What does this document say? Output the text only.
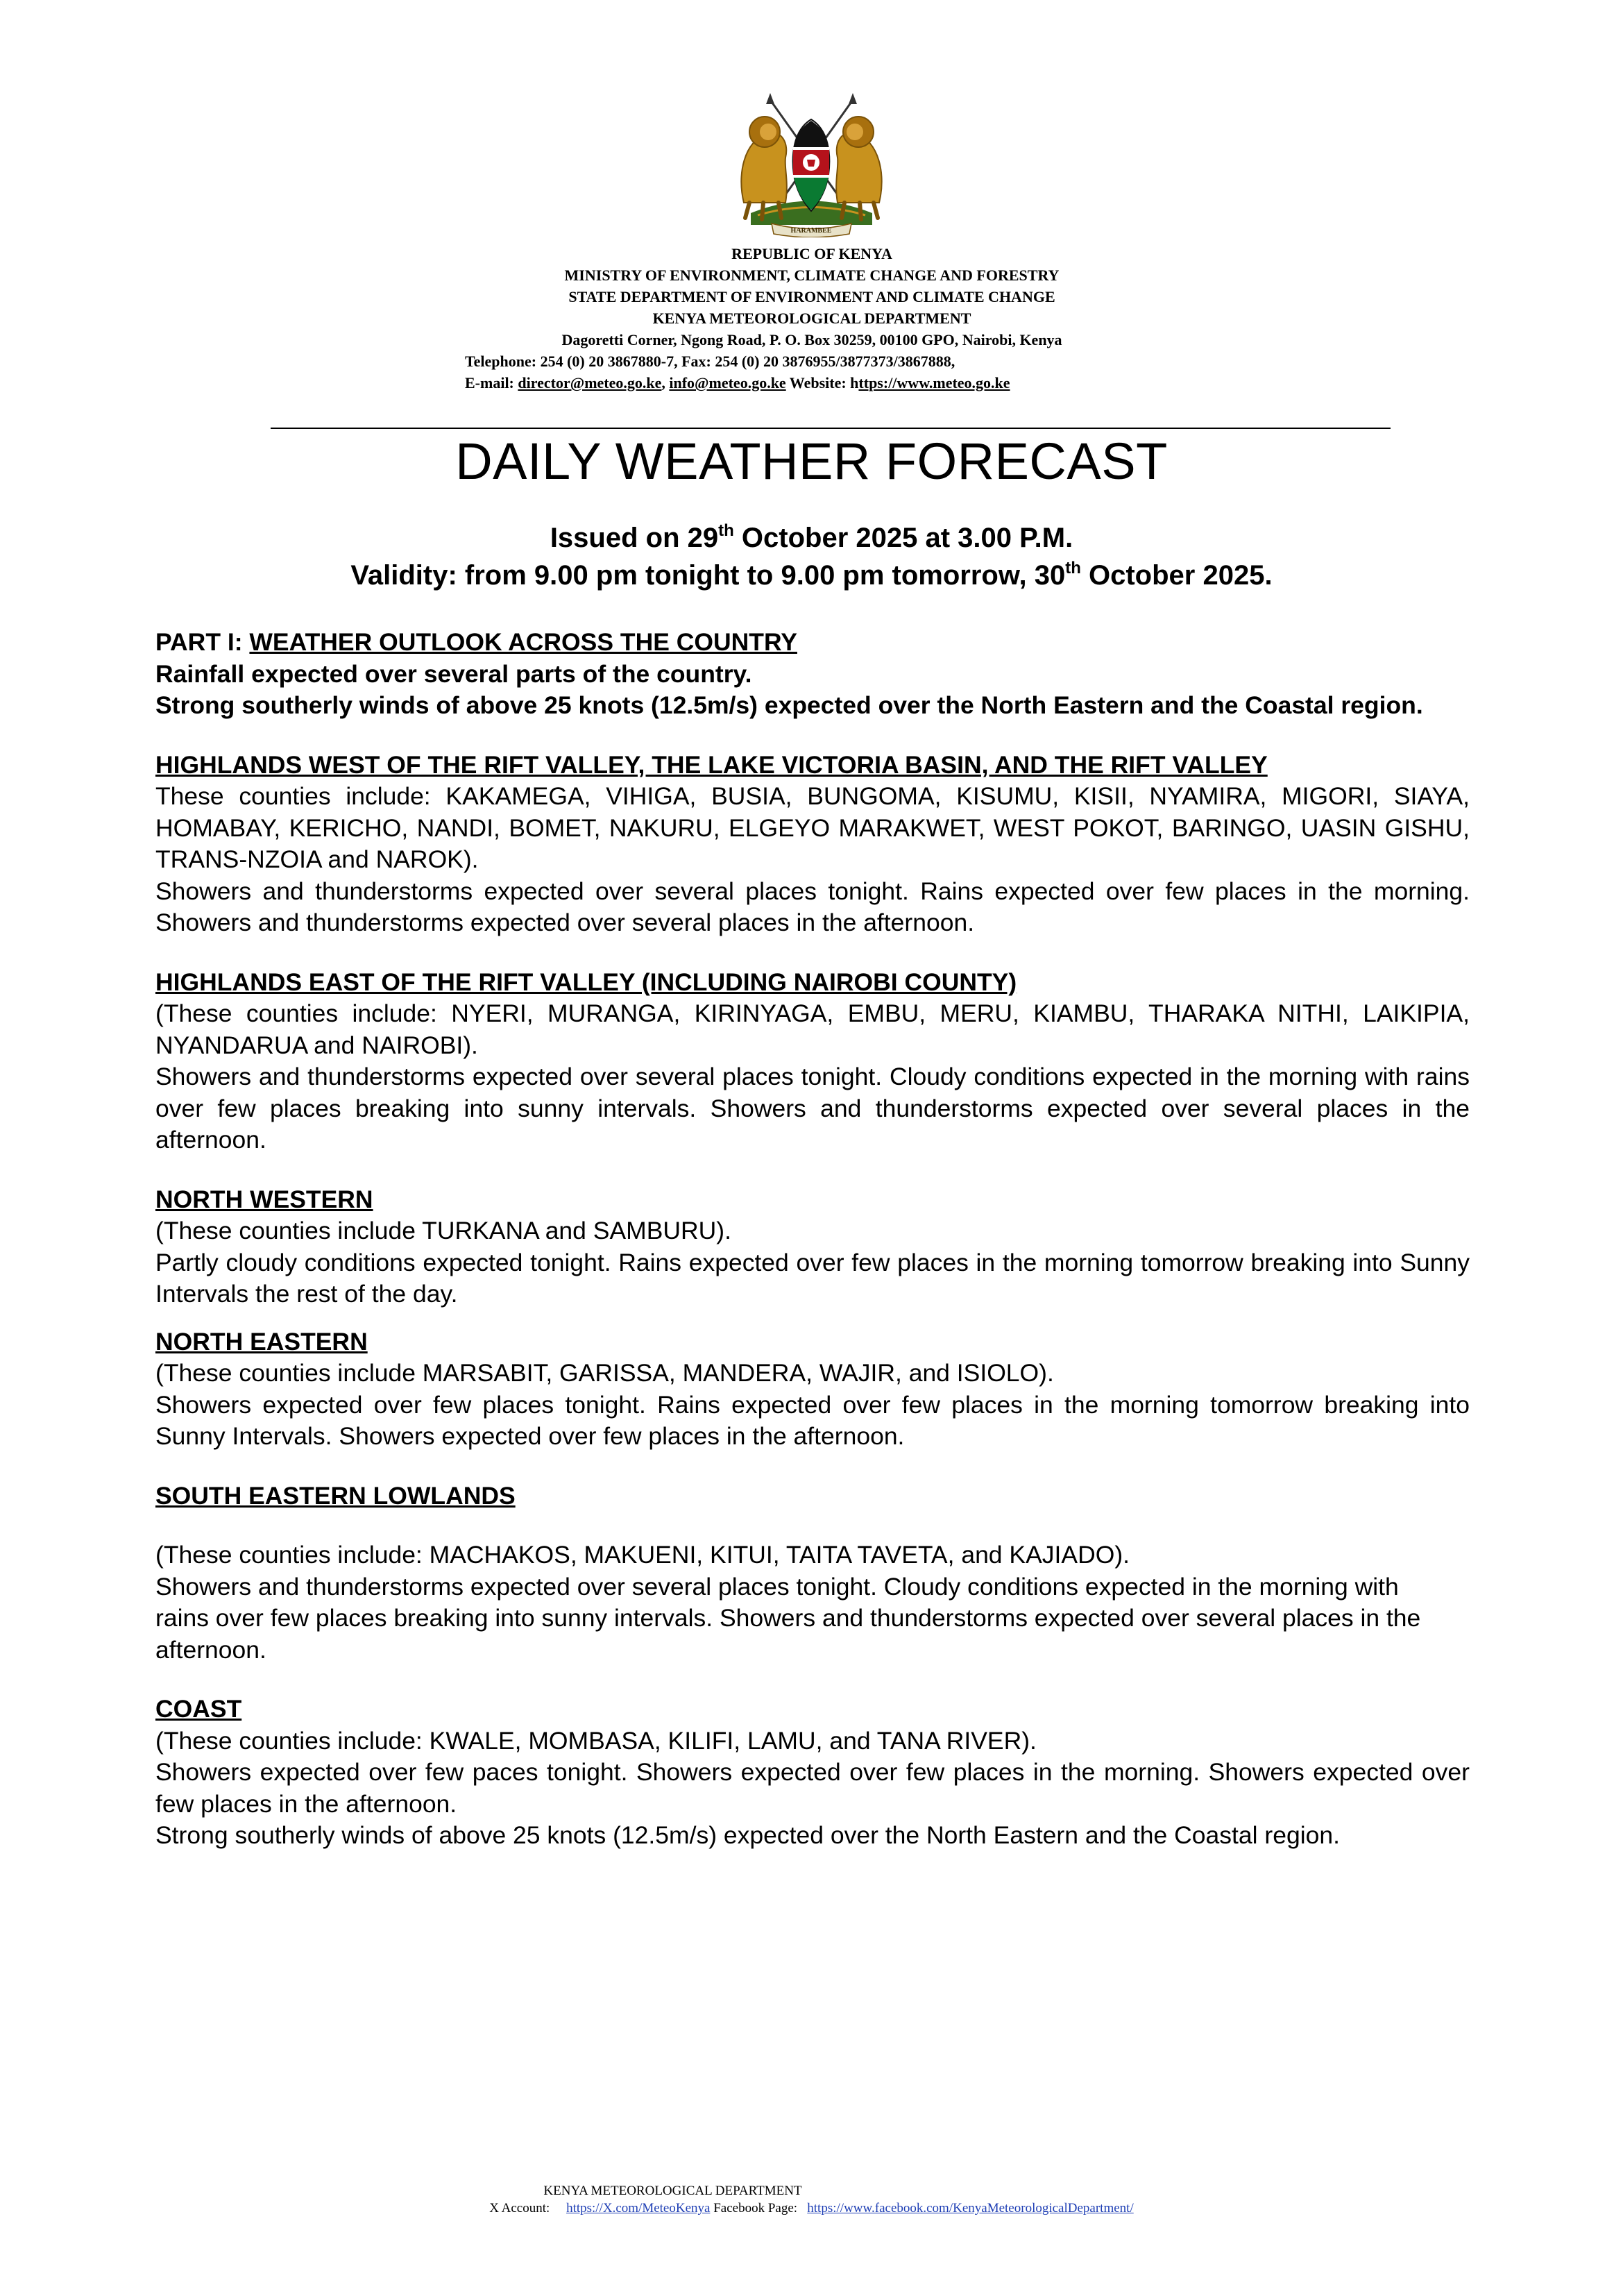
HARAMBEE
REPUBLIC OF KENYA
MINISTRY OF ENVIRONMENT, CLIMATE CHANGE AND FORESTRY
STATE DEPARTMENT OF ENVIRONMENT AND CLIMATE CHANGE
KENYA METEOROLOGICAL DEPARTMENT
Dagoretti Corner, Ngong Road, P. O. Box 30259, 00100 GPO, Nairobi, Kenya
Telephone: 254 (0) 20 3867880-7, Fax: 254 (0) 20 3876955/3877373/3867888,
E-mail: director@meteo.go.ke, info@meteo.go.ke Website: https://www.meteo.go.ke
DAILY WEATHER FORECAST
Issued on 29th October 2025 at 3.00 P.M.
Validity: from 9.00 pm tonight to 9.00 pm tomorrow, 30th October 2025.

PART I: WEATHER OUTLOOK ACROSS THE COUNTRY

Rainfall expected over several parts of the country.

Strong southerly winds of above 25 knots (12.5m/s) expected over the North Eastern and the Coastal region.

HIGHLANDS WEST OF THE RIFT VALLEY, THE LAKE VICTORIA BASIN, AND THE RIFT VALLEY

These counties include: KAKAMEGA, VIHIGA, BUSIA, BUNGOMA, KISUMU, KISII, NYAMIRA, MIGORI, SIAYA, HOMABAY, KERICHO, NANDI, BOMET, NAKURU, ELGEYO MARAKWET, WEST POKOT, BARINGO, UASIN GISHU, TRANS-NZOIA and NAROK).

Showers and thunderstorms expected over several places tonight. Rains expected over few places in the morning. Showers and thunderstorms expected over several places in the afternoon.

HIGHLANDS EAST OF THE RIFT VALLEY (INCLUDING NAIROBI COUNTY)

(These counties include: NYERI, MURANGA, KIRINYAGA, EMBU, MERU, KIAMBU, THARAKA NITHI, LAIKIPIA, NYANDARUA and NAIROBI).

Showers and thunderstorms expected over several places tonight. Cloudy conditions expected in the morning with rains over few places breaking into sunny intervals. Showers and thunderstorms expected over several places in the afternoon.

NORTH WESTERN

(These counties include TURKANA and SAMBURU).

Partly cloudy conditions expected tonight. Rains expected over few places in the morning tomorrow breaking into Sunny Intervals the rest of the day.

NORTH EASTERN

(These counties include MARSABIT, GARISSA, MANDERA, WAJIR, and ISIOLO).

Showers expected over few places tonight. Rains expected over few places in the morning tomorrow breaking into Sunny Intervals. Showers expected over few places in the afternoon.

SOUTH EASTERN LOWLANDS

(These counties include: MACHAKOS, MAKUENI, KITUI, TAITA TAVETA, and KAJIADO).

Showers and thunderstorms expected over several places tonight. Cloudy conditions expected in the morning with rains over few places breaking into sunny intervals. Showers and thunderstorms expected over several places in the afternoon.

COAST

(These counties include: KWALE, MOMBASA, KILIFI, LAMU, and TANA RIVER).

Showers expected over few paces tonight. Showers expected over few places in the morning. Showers expected over few places in the afternoon.

Strong southerly winds of above 25 knots (12.5m/s) expected over the North Eastern and the Coastal region.

KENYA METEOROLOGICAL DEPARTMENT
X Account: https://X.com/MeteoKenya Facebook Page: https://www.facebook.com/KenyaMeteorologicalDepartment/
